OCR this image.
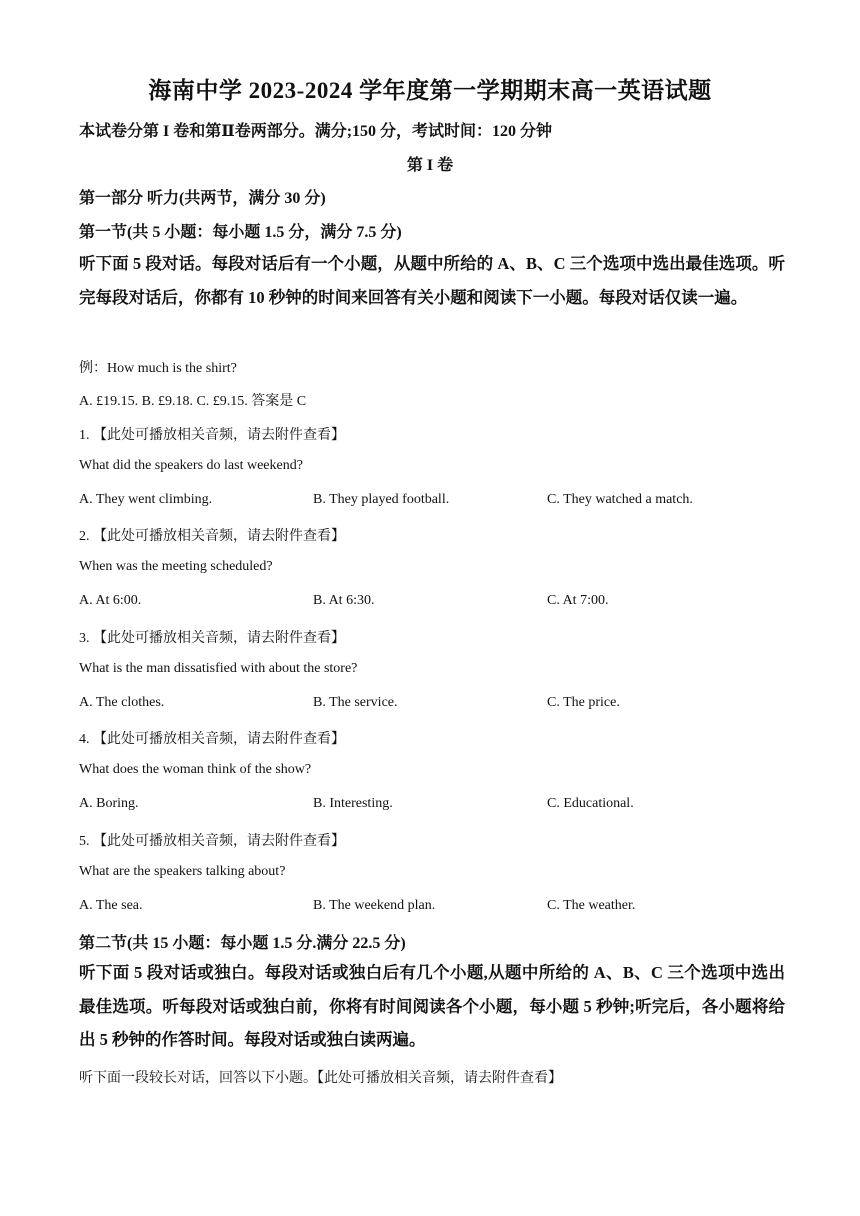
海南中学 2023-2024 学年度第一学期期末高一英语试题
本试卷分第 I 卷和第Ⅱ卷两部分。满分;150 分，考试时间：120 分钟
第 I 卷
第一部分 听力(共两节，满分 30 分)
第一节(共 5 小题：每小题 1.5 分，满分 7.5 分)
听下面 5 段对话。每段对话后有一个小题，从题中所给的 A、B、C 三个选项中选出最佳选项。听完每段对话后，你都有 10 秒钟的时间来回答有关小题和阅读下一小题。每段对话仅读一遍。
例：How much is the shirt?
A. £19.15. B. £9.18. C. £9.15. 答案是 C
1. 【此处可播放相关音频，请去附件查看】
What did the speakers do last weekend?
A. They went climbing.	B. They played football.	C. They watched a match.
2. 【此处可播放相关音频，请去附件查看】
When was the meeting scheduled?
A. At 6:00.	B. At 6:30.	C. At 7:00.
3. 【此处可播放相关音频，请去附件查看】
What is the man dissatisfied with about the store?
A. The clothes.	B. The service.	C. The price.
4. 【此处可播放相关音频，请去附件查看】
What does the woman think of the show?
A. Boring.	B. Interesting.	C. Educational.
5. 【此处可播放相关音频，请去附件查看】
What are the speakers talking about?
A. The sea.	B. The weekend plan.	C. The weather.
第二节(共 15 小题：每小题 1.5 分.满分 22.5 分)
听下面 5 段对话或独白。每段对话或独白后有几个小题,从题中所给的 A、B、C 三个选项中选出最佳选项。听每段对话或独白前，你将有时间阅读各个小题，每小题 5 秒钟;听完后，各小题将给出 5 秒钟的作答时间。每段对话或独白读两遍。
听下面一段较长对话，回答以下小题。【此处可播放相关音频，请去附件查看】
